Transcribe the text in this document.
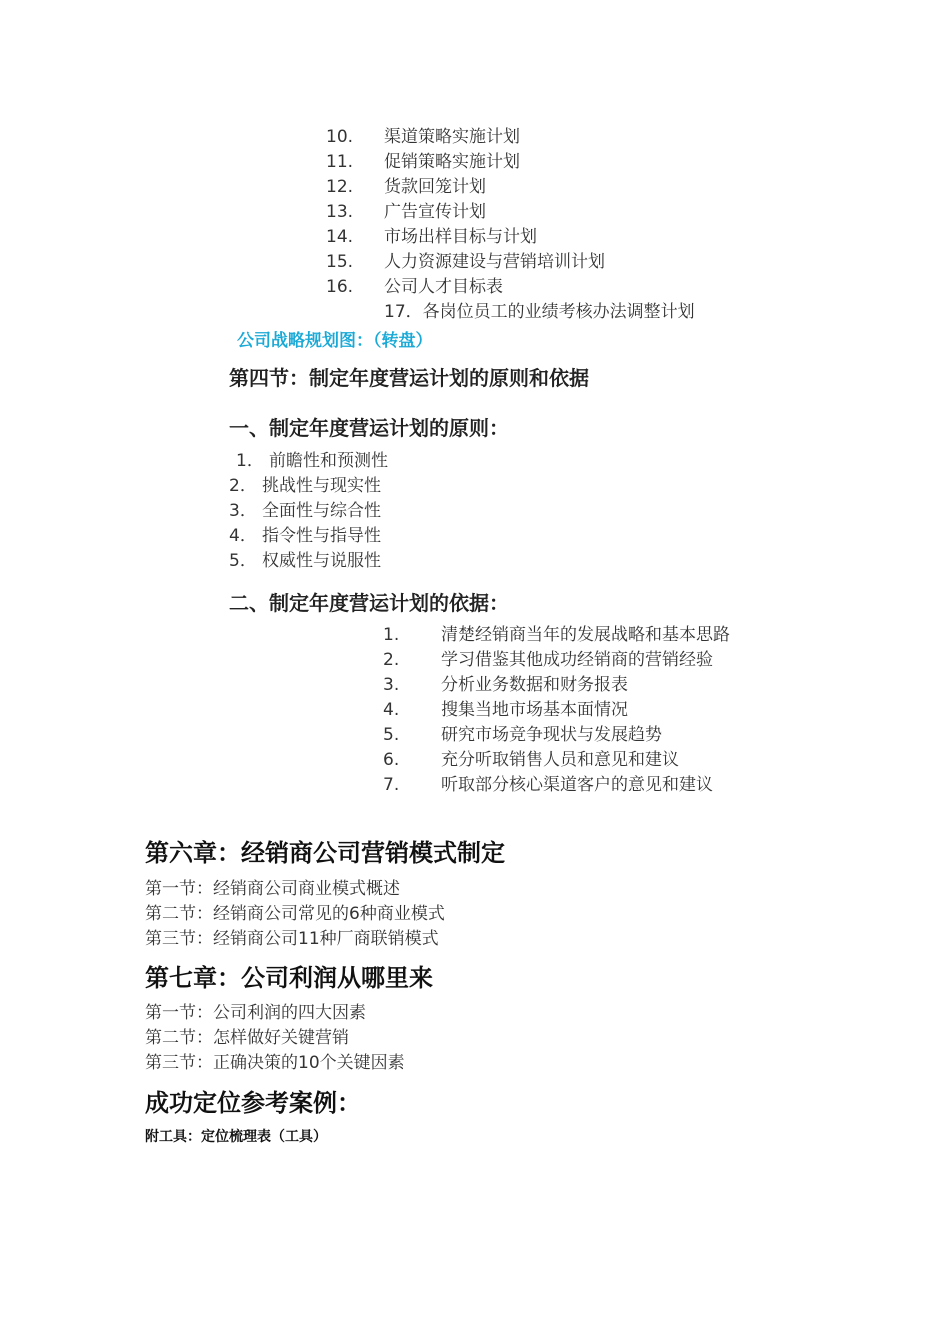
10. 渠道策略实施计划
11. 促销策略实施计划
12. 货款回笼计划
13. 广告宣传计划
14. 市场出样目标与计划
15. 人力资源建设与营销培训计划
16. 公司人才目标表
17．各岗位员工的业绩考核办法调整计划
公司战略规划图：（转盘）
第四节：制定年度营运计划的原则和依据
一、制定年度营运计划的原则：
1． 前瞻性和预测性
2． 挑战性与现实性
3． 全面性与综合性
4． 指令性与指导性
5． 权威性与说服性
二、制定年度营运计划的依据：
1. 清楚经销商当年的发展战略和基本思路
2. 学习借鉴其他成功经销商的营销经验
3. 分析业务数据和财务报表
4. 搜集当地市场基本面情况
5. 研究市场竞争现状与发展趋势
6. 充分听取销售人员和意见和建议
7. 听取部分核心渠道客户的意见和建议
第六章：经销商公司营销模式制定
第一节：经销商公司商业模式概述
第二节：经销商公司常见的6种商业模式
第三节：经销商公司11种厂商联销模式
第七章：公司利润从哪里来
第一节：公司利润的四大因素
第二节：怎样做好关键营销
第三节：正确决策的10个关键因素
成功定位参考案例：
附工具：定位梳理表（工具）
